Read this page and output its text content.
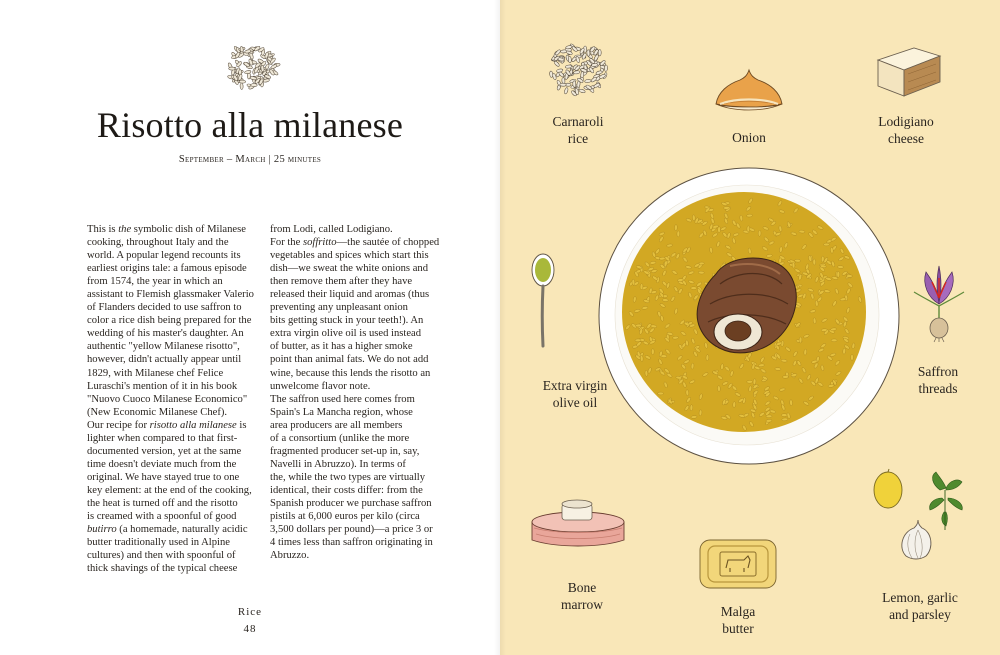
Risotto alla milanese
September – March | 25 minutes

This is the symbolic dish of Milanese

cooking, throughout Italy and the

world. A popular legend recounts its

earliest origins tale: a famous episode

from 1574, the year in which an

assistant to Flemish glassmaker Valerio

of Flanders decided to use saffron to

color a rice dish being prepared for the

wedding of his master's daughter. An

authentic "yellow Milanese risotto",

however, didn't actually appear until

1829, with Milanese chef Felice

Luraschi's mention of it in his book

"Nuovo Cuoco Milanese Economico"

(New Economic Milanese Chef).

Our recipe for risotto alla milanese is

lighter when compared to that first-

documented version, yet at the same

time doesn't deviate much from the

original. We have stayed true to one

key element: at the end of the cooking,

the heat is turned off and the risotto

is creamed with a spoonful of good

butirro (a homemade, naturally acidic

butter traditionally used in Alpine

cultures) and then with spoonful of

thick shavings of the typical cheese

from Lodi, called Lodigiano.

For the soffritto—the sautée of chopped

vegetables and spices which start this

dish—we sweat the white onions and

then remove them after they have

released their liquid and aromas (thus

preventing any unpleasant onion

bits getting stuck in your teeth!). An

extra virgin olive oil is used instead

of butter, as it has a higher smoke

point than animal fats. We do not add

wine, because this lends the risotto an

unwelcome flavor note.

The saffron used here comes from

Spain's La Mancha region, whose

area producers are all members

of a consortium (unlike the more

fragmented producer set-up in, say,

Navelli in Abruzzo). In terms of

the, while the two types are virtually

identical, their costs differ: from the

Spanish producer we purchase saffron

pistils at 6,000 euros per kilo (circa

3,500 dollars per pound)—a price 3 or

4 times less than saffron originating in

Abruzzo.

Rice
48
Carnaroli
rice	Onion
Lodigiano
cheese
Extra virgin
olive oil
Saffron
threads
Bone
marrow	Malga
butter
Lemon, garlic
and parsley
